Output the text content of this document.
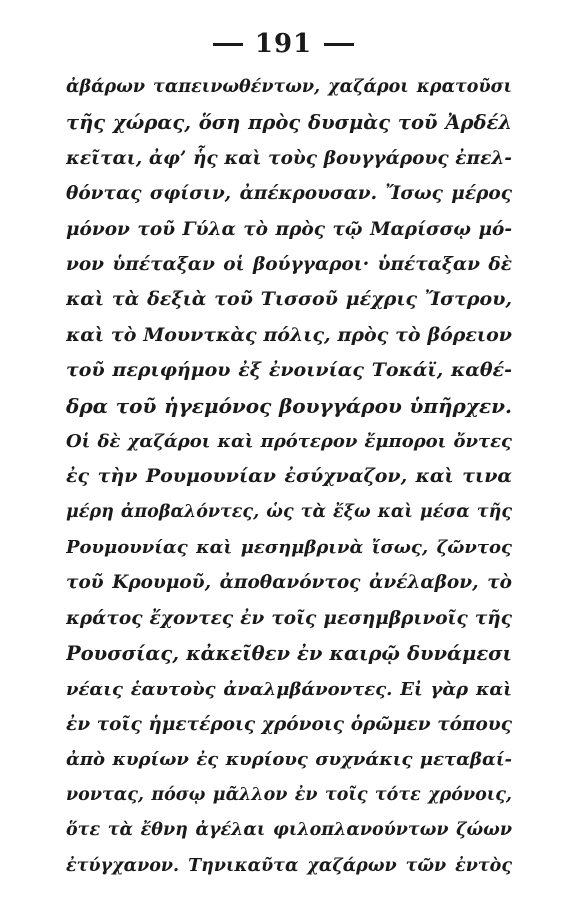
191
ἀβάρων ταπεινωθέντων, χαζάροι κρατοῦσι
τῆς χώρας, ὅση πρὸς δυσμὰς τοῦ Ἀρδέλ
κεῖται, ἀφ’ ἧς καὶ τοὺς βουγγάρους ἐπελ-
θόντας σφίσιν, ἀπέκρουσαν. Ἴσως μέρος
μόνον τοῦ Γύλα τὸ πρὸς τῷ Μαρίσσῳ μό-
νον ὑπέταξαν οἱ βούγγαροι· ὑπέταξαν δὲ
καὶ τὰ δεξιὰ τοῦ Τισσοῦ μέχρις Ἴστρου,
καὶ τὸ Μουντκὰς πόλις, πρὸς τὸ βόρειον
τοῦ περιφήμου ἐξ ἐνοινίας Τοκάϊ, καθέ-
δρα τοῦ ἡγεμόνος βουγγάρου ὑπῆρχεν.
Οἱ δὲ χαζάροι καὶ πρότερον ἔμποροι ὄντες
ἐς τὴν Ρουμουνίαν ἐσύχναζον, καὶ τινα
μέρη ἀποβαλόντες, ὡς τὰ ἔξω καὶ μέσα τῆς
Ρουμουνίας καὶ μεσημβρινὰ ἴσως, ζῶντος
τοῦ Κρουμοῦ, ἀποθανόντος ἀνέλαβον, τὸ
κράτος ἔχοντες ἐν τοῖς μεσημβρινοῖς τῆς
Ρουσσίας, κἀκεῖθεν ἐν καιρῷ δυνάμεσι
νέαις ἑαυτοὺς ἀναλμβάνοντες. Εἰ γὰρ καὶ
ἐν τοῖς ἡμετέροις χρόνοις ὁρῶμεν τόπους
ἀπὸ κυρίων ἐς κυρίους συχνάκις μεταβαί-
νοντας, πόσῳ μᾶλλον ἐν τοῖς τότε χρόνοις,
ὅτε τὰ ἔθνη ἀγέλαι φιλοπλανούντων ζώων
ἐτύγχανον. Τηνικαῦτα χαζάρων τῶν ἐντὸς
